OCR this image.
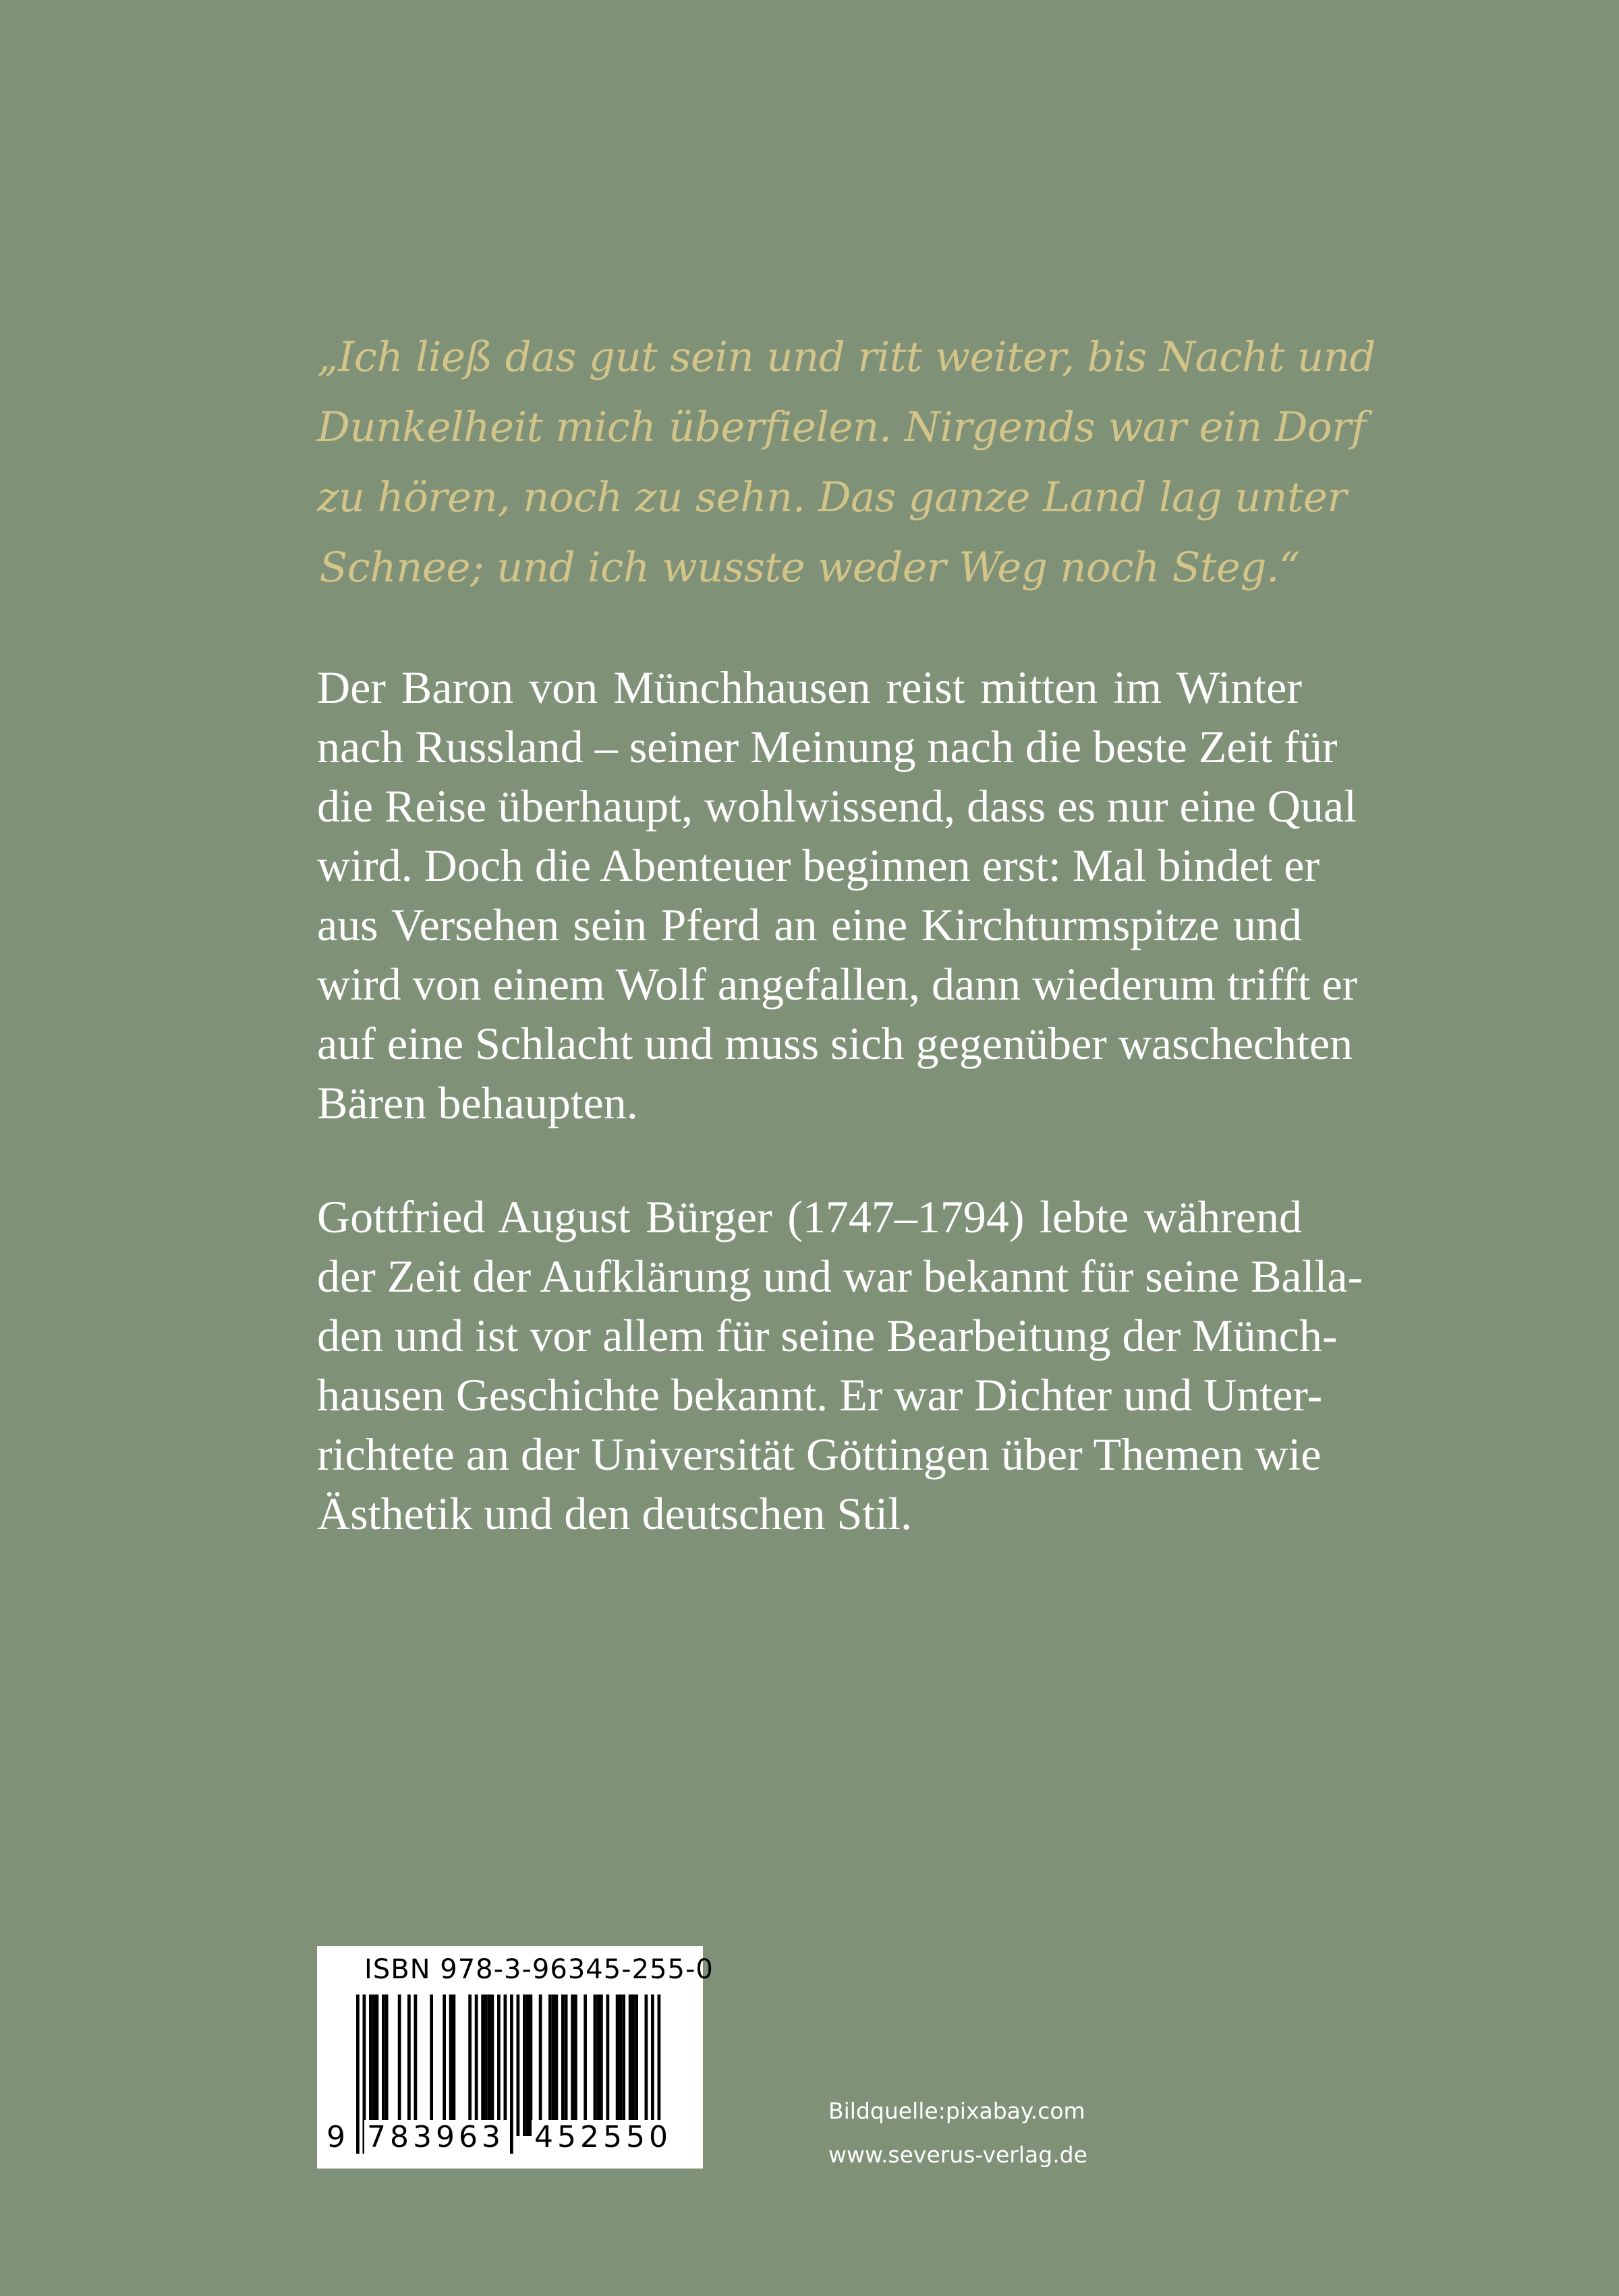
„Ich ließ das gut sein und ritt weiter, bis Nacht und
Dunkelheit mich überfielen. Nirgends war ein Dorf
zu hören, noch zu sehn. Das ganze Land lag unter
Schnee; und ich wusste weder Weg noch Steg.“

Der Baron von Münchhausen reist mitten im Winter
nach Russland – seiner Meinung nach die beste Zeit für
die Reise überhaupt, wohlwissend, dass es nur eine Qual
wird. Doch die Abenteuer beginnen erst: Mal bindet er
aus Versehen sein Pferd an eine Kirchturmspitze und
wird von einem Wolf angefallen, dann wiederum trifft er
auf eine Schlacht und muss sich gegenüber waschechten
Bären behaupten.
Gottfried August Bürger (1747–1794) lebte während
der Zeit der Aufklärung und war bekannt für seine Balla-
den und ist vor allem für seine Bearbeitung der Münch-
hausen Geschichte bekannt. Er war Dichter und Unter-
richtete an der Universität Göttingen über Themen wie
Ästhetik und den deutschen Stil.
ISBN 978-3-96345-255-0
9 783963 452550
Bildquelle:pixabay.com
www.severus-verlag.de
